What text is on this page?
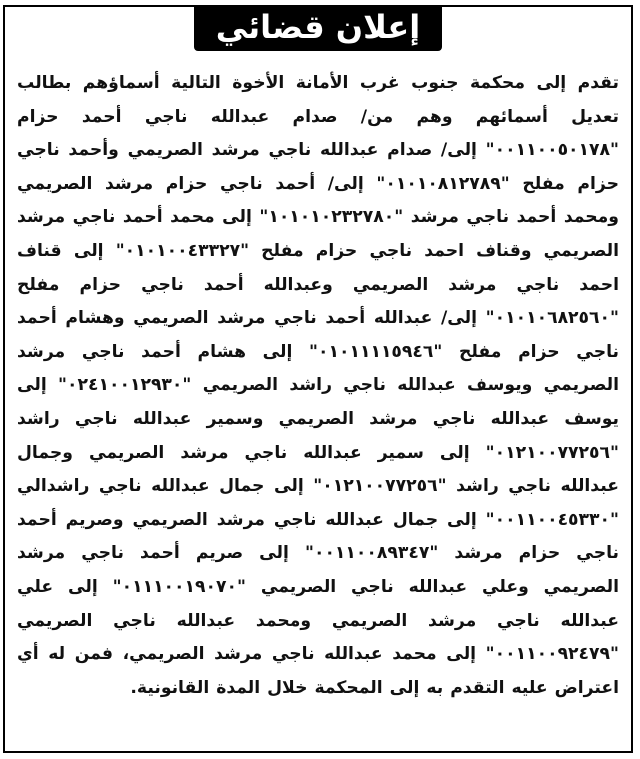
إعلان قضائي
تقدم إلى محكمة جنوب غرب الأمانة الأخوة التالية أسماؤهم بطالب تعديل أسمائهم وهم من/ صدام عبدالله ناجي أحمد حزام "٠٠١١٠٠٥٠١٧٨" إلى/ صدام عبدالله ناجي مرشد الصريمي وأحمد ناجي حزام مفلح "٠١٠١٠٨١٢٧٨٩" إلى/ أحمد ناجي حزام مرشد الصريمي ومحمد أحمد ناجي مرشد "١٠١٠١٠٢٣٢٧٨٠" إلى محمد أحمد ناجي مرشد الصريمي وقناف احمد ناجي حزام مفلح "٠١٠١٠٠٤٣٣٢٧" إلى قناف احمد ناجي مرشد الصريمي وعبدالله أحمد ناجي حزام مفلح "٠١٠١٠٦٨٢٥٦٠" إلى/ عبدالله أحمد ناجي مرشد الصريمي وهشام أحمد ناجي حزام مفلح "٠١٠١١١١٥٩٤٦" إلى هشام أحمد ناجي مرشد الصريمي ويوسف عبدالله ناجي راشد الصريمي "٠٢٤١٠٠١٢٩٣٠" إلى يوسف عبدالله ناجي مرشد الصريمي وسمير عبدالله ناجي راشد "٠١٢١٠٠٧٧٢٥٦" إلى سمير عبدالله ناجي مرشد الصريمي وجمال عبدالله ناجي راشد "٠١٢١٠٠٧٧٢٥٦" إلى جمال عبدالله ناجي راشدالي "٠٠١١٠٠٤٥٣٣٠" إلى جمال عبدالله ناجي مرشد الصريمي وصريم أحمد ناجي حزام مرشد "٠٠١١٠٠٨٩٣٤٧" إلى صريم أحمد ناجي مرشد الصريمي وعلي عبدالله ناجي الصريمي "٠١١١٠٠١٩٠٧٠" إلى علي عبدالله ناجي مرشد الصريمي ومحمد عبدالله ناجي الصريمي "٠٠١١٠٠٩٢٤٧٩" إلى محمد عبدالله ناجي مرشد الصريمي، فمن له أي اعتراض عليه التقدم به إلى المحكمة خلال المدة القانونية.
